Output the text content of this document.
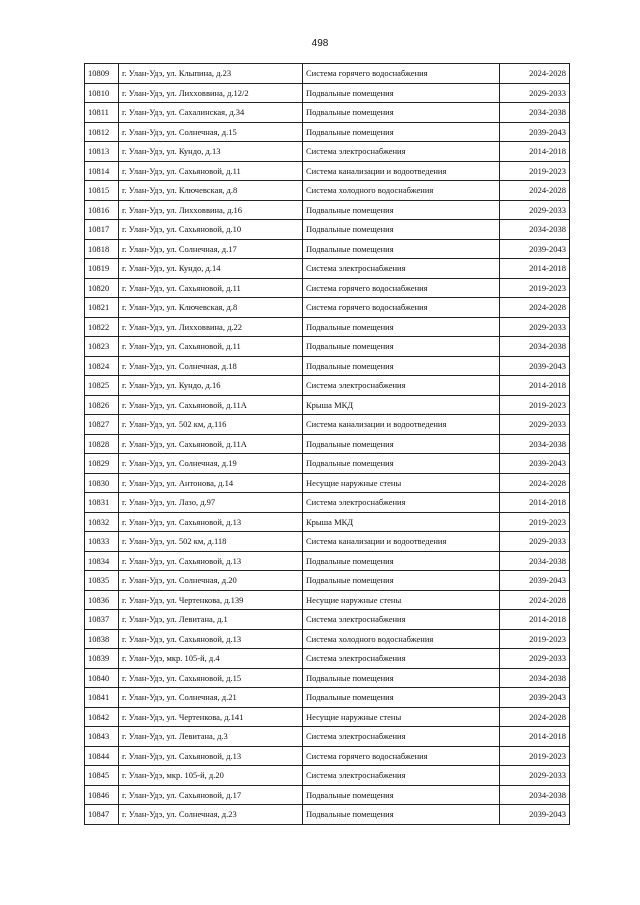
498
10809	г. Улан-Удэ, ул. Клыпина, д.23	Система горячего водоснабжения	2024-2028
10810	г. Улан-Удэ, ул. Лиxxоввина, д.12/2	Подвальные помещения	2029-2033
10811	г. Улан-Удэ, ул. Сахалинская, д.34	Подвальные помещения	2034-2038
10812	г. Улан-Удэ, ул. Солнечная, д.15	Подвальные помещения	2039-2043
10813	г. Улан-Удэ, ул. Кундо, д.13	Система электроснабжения	2014-2018
10814	г. Улан-Удэ, ул. Сахьяновой, д.11	Система канализации и водоотведения	2019-2023
10815	г. Улан-Удэ, ул. Ключевская, д.8	Система холодного водоснабжения	2024-2028
10816	г. Улан-Удэ, ул. Лиxxоввина, д.16	Подвальные помещения	2029-2033
10817	г. Улан-Удэ, ул. Сахьяновой, д.10	Подвальные помещения	2034-2038
10818	г. Улан-Удэ, ул. Солнечная, д.17	Подвальные помещения	2039-2043
10819	г. Улан-Удэ, ул. Кундо, д.14	Система электроснабжения	2014-2018
10820	г. Улан-Удэ, ул. Сахьяновой, д.11	Система горячего водоснабжения	2019-2023
10821	г. Улан-Удэ, ул. Ключевская, д.8	Система горячего водоснабжения	2024-2028
10822	г. Улан-Удэ, ул. Лиxxоввина, д.22	Подвальные помещения	2029-2033
10823	г. Улан-Удэ, ул. Сахьяновой, д.11	Подвальные помещения	2034-2038
10824	г. Улан-Удэ, ул. Солнечная, д.18	Подвальные помещения	2039-2043
10825	г. Улан-Удэ, ул. Кундо, д.16	Система электроснабжения	2014-2018
10826	г. Улан-Удэ, ул. Сахьяновой, д.11А	Крыша МКД	2019-2023
10827	г. Улан-Удэ, ул. 502 км, д.116	Система канализации и водоотведения	2029-2033
10828	г. Улан-Удэ, ул. Сахьяновой, д.11А	Подвальные помещения	2034-2038
10829	г. Улан-Удэ, ул. Солнечная, д.19	Подвальные помещения	2039-2043
10830	г. Улан-Удэ, ул. Антонова, д.14	Несущие наружные стены	2024-2028
10831	г. Улан-Удэ, ул. Лазо, д.97	Система электроснабжения	2014-2018
10832	г. Улан-Удэ, ул. Сахьяновой, д.13	Крыша МКД	2019-2023
10833	г. Улан-Удэ, ул. 502 км, д.118	Система канализации и водоотведения	2029-2033
10834	г. Улан-Удэ, ул. Сахьяновой, д.13	Подвальные помещения	2034-2038
10835	г. Улан-Удэ, ул. Солнечная, д.20	Подвальные помещения	2039-2043
10836	г. Улан-Удэ, ул. Чертенкова, д.139	Несущие наружные стены	2024-2028
10837	г. Улан-Удэ, ул. Левитана, д.1	Система электроснабжения	2014-2018
10838	г. Улан-Удэ, ул. Сахьяновой, д.13	Система холодного водоснабжения	2019-2023
10839	г. Улан-Удэ, мкр. 105-й, д.4	Система электроснабжения	2029-2033
10840	г. Улан-Удэ, ул. Сахьяновой, д.15	Подвальные помещения	2034-2038
10841	г. Улан-Удэ, ул. Солнечная, д.21	Подвальные помещения	2039-2043
10842	г. Улан-Удэ, ул. Чертенкова, д.141	Несущие наружные стены	2024-2028
10843	г. Улан-Удэ, ул. Левитана, д.3	Система электроснабжения	2014-2018
10844	г. Улан-Удэ, ул. Сахьяновой, д.13	Система горячего водоснабжения	2019-2023
10845	г. Улан-Удэ, мкр. 105-й, д.20	Система электроснабжения	2029-2033
10846	г. Улан-Удэ, ул. Сахьяновой, д.17	Подвальные помещения	2034-2038
10847	г. Улан-Удэ, ул. Солнечная, д.23	Подвальные помещения	2039-2043
